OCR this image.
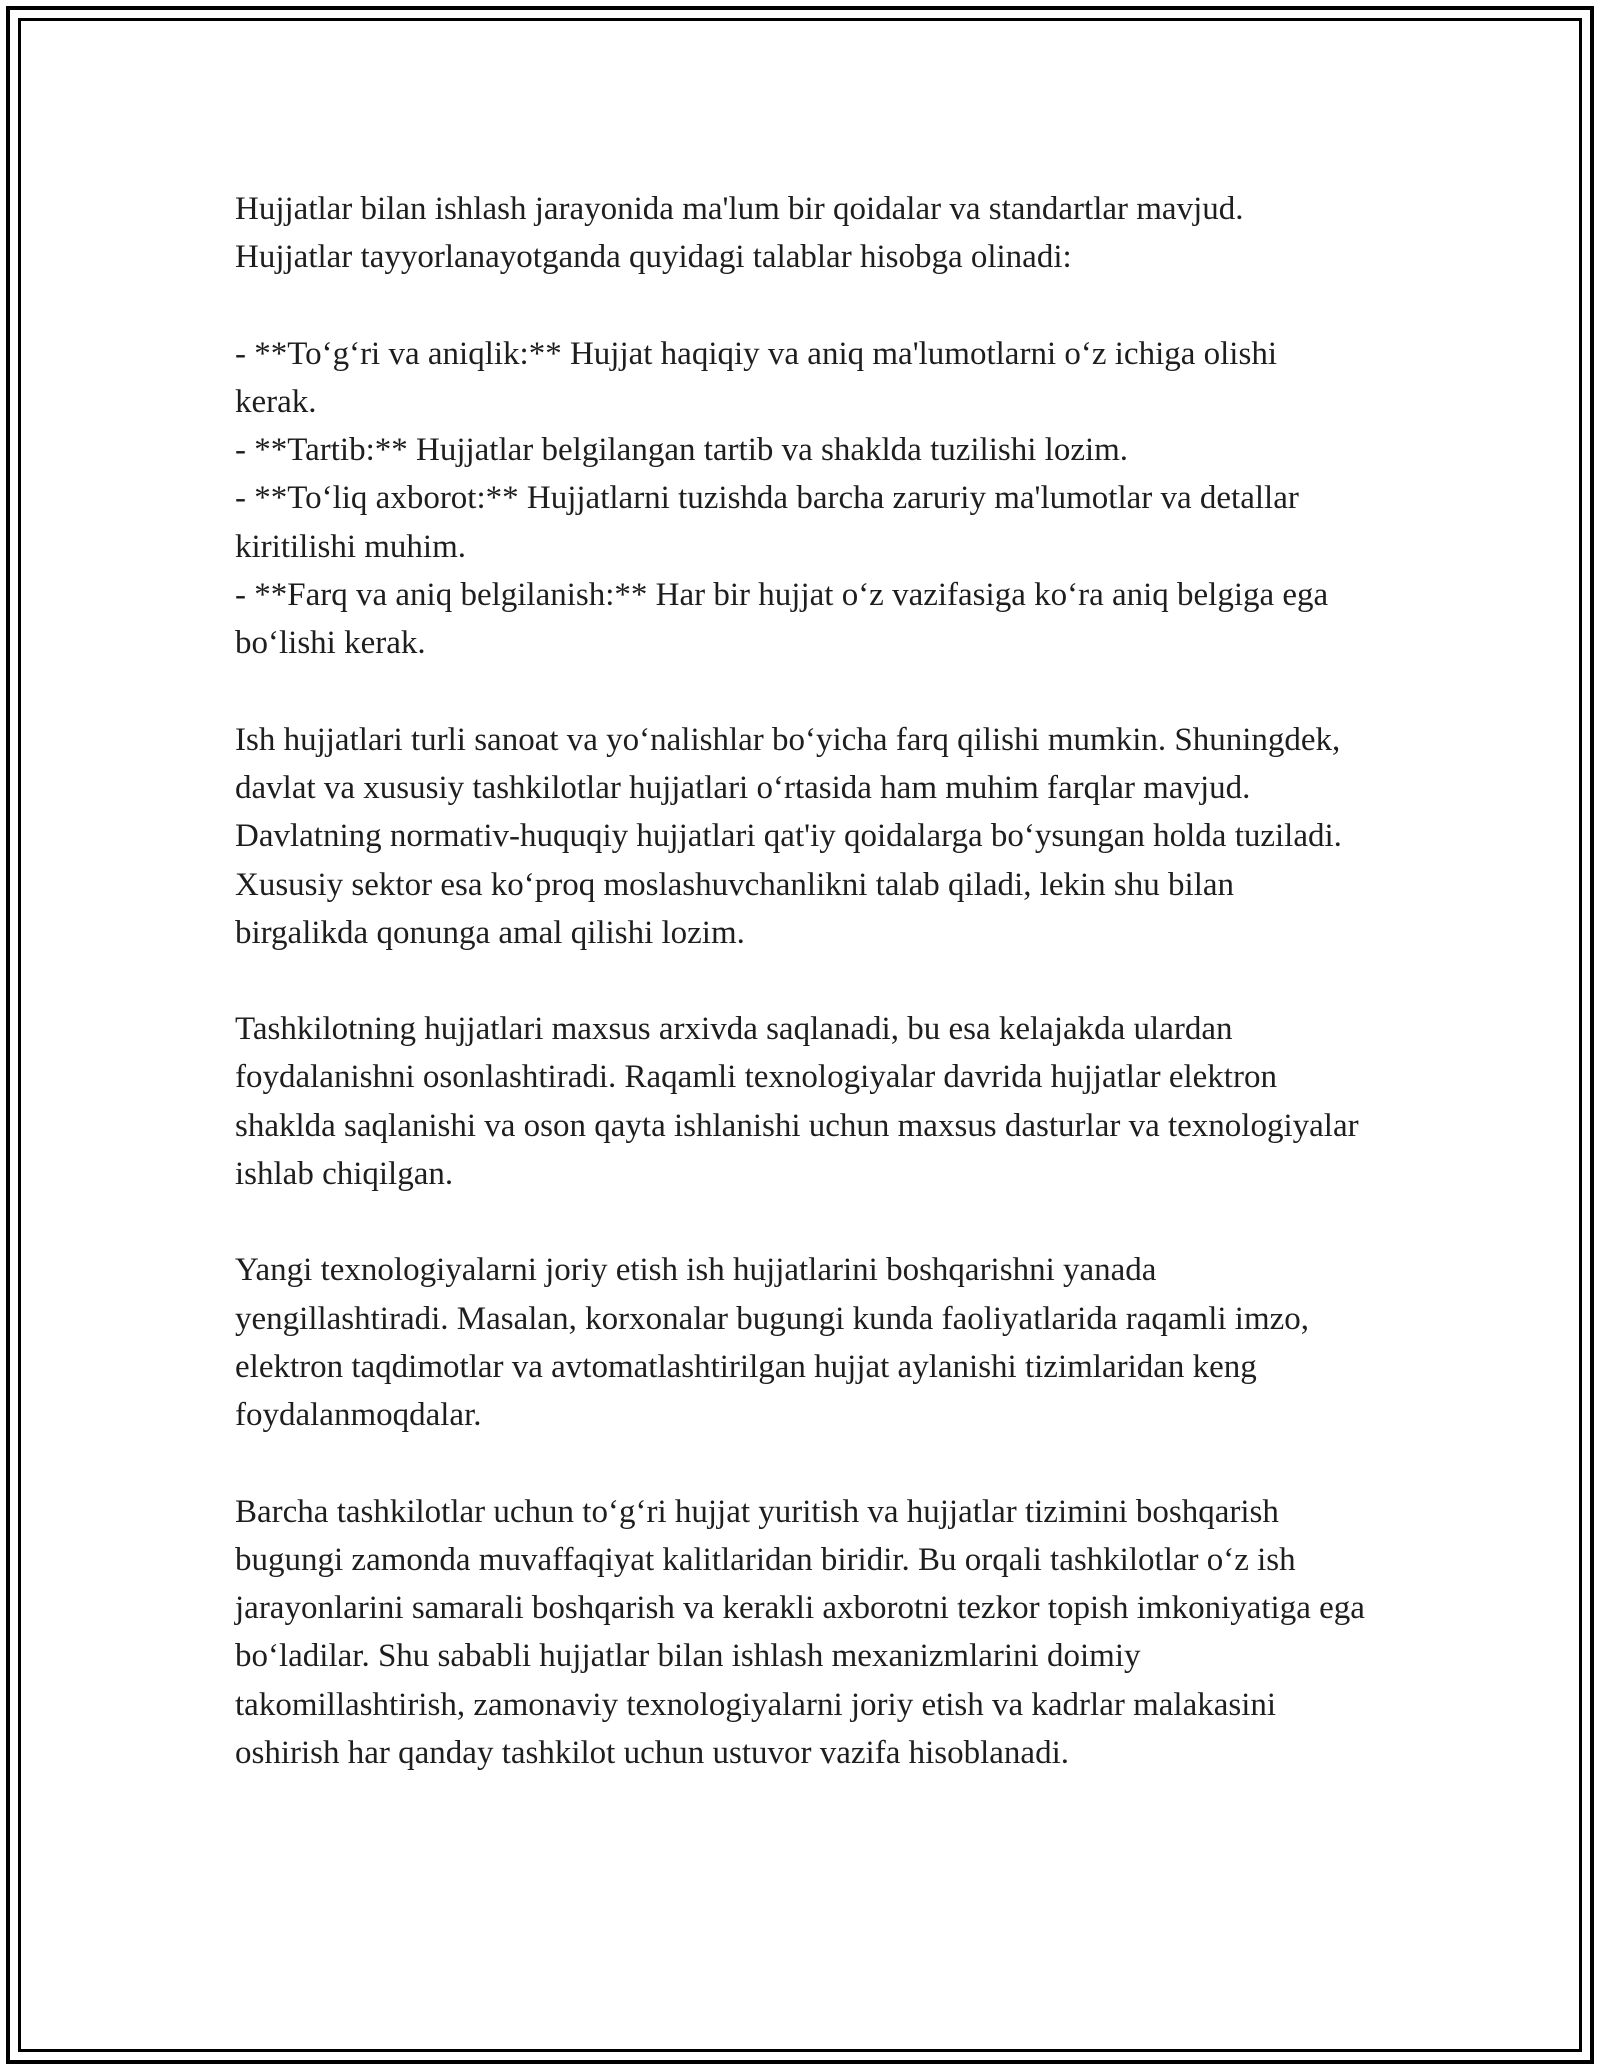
Hujjatlar bilan ishlash jarayonida ma'lum bir qoidalar va standartlar mavjud. Hujjatlar tayyorlanayotganda quyidagi talablar hisobga olinadi:

- **To‘g‘ri va aniqlik:** Hujjat haqiqiy va aniq ma'lumotlarni o‘z ichiga olishi kerak.
- **Tartib:** Hujjatlar belgilangan tartib va shaklda tuzilishi lozim.
- **To‘liq axborot:** Hujjatlarni tuzishda barcha zaruriy ma'lumotlar va detallar kiritilishi muhim.
- **Farq va aniq belgilanish:** Har bir hujjat o‘z vazifasiga ko‘ra aniq belgiga ega bo‘lishi kerak.

Ish hujjatlari turli sanoat va yo‘nalishlar bo‘yicha farq qilishi mumkin. Shuningdek, davlat va xususiy tashkilotlar hujjatlari o‘rtasida ham muhim farqlar mavjud. Davlatning normativ-huquqiy hujjatlari qat'iy qoidalarga bo‘ysungan holda tuziladi. Xususiy sektor esa ko‘proq moslashuvchanlikni talab qiladi, lekin shu bilan birgalikda qonunga amal qilishi lozim.

Tashkilotning hujjatlari maxsus arxivda saqlanadi, bu esa kelajakda ulardan foydalanishni osonlashtiradi. Raqamli texnologiyalar davrida hujjatlar elektron shaklda saqlanishi va oson qayta ishlanishi uchun maxsus dasturlar va texnologiyalar ishlab chiqilgan.

Yangi texnologiyalarni joriy etish ish hujjatlarini boshqarishni yanada yengillashtiradi. Masalan, korxonalar bugungi kunda faoliyatlarida raqamli imzo, elektron taqdimotlar va avtomatlashtirilgan hujjat aylanishi tizimlaridan keng foydalanmoqdalar.

Barcha tashkilotlar uchun to‘g‘ri hujjat yuritish va hujjatlar tizimini boshqarish bugungi zamonda muvaffaqiyat kalitlaridan biridir. Bu orqali tashkilotlar o‘z ish jarayonlarini samarali boshqarish va kerakli axborotni tezkor topish imkoniyatiga ega bo‘ladilar. Shu sababli hujjatlar bilan ishlash mexanizmlarini doimiy takomillashtirish, zamonaviy texnologiyalarni joriy etish va kadrlar malakasini oshirish har qanday tashkilot uchun ustuvor vazifa hisoblanadi.
